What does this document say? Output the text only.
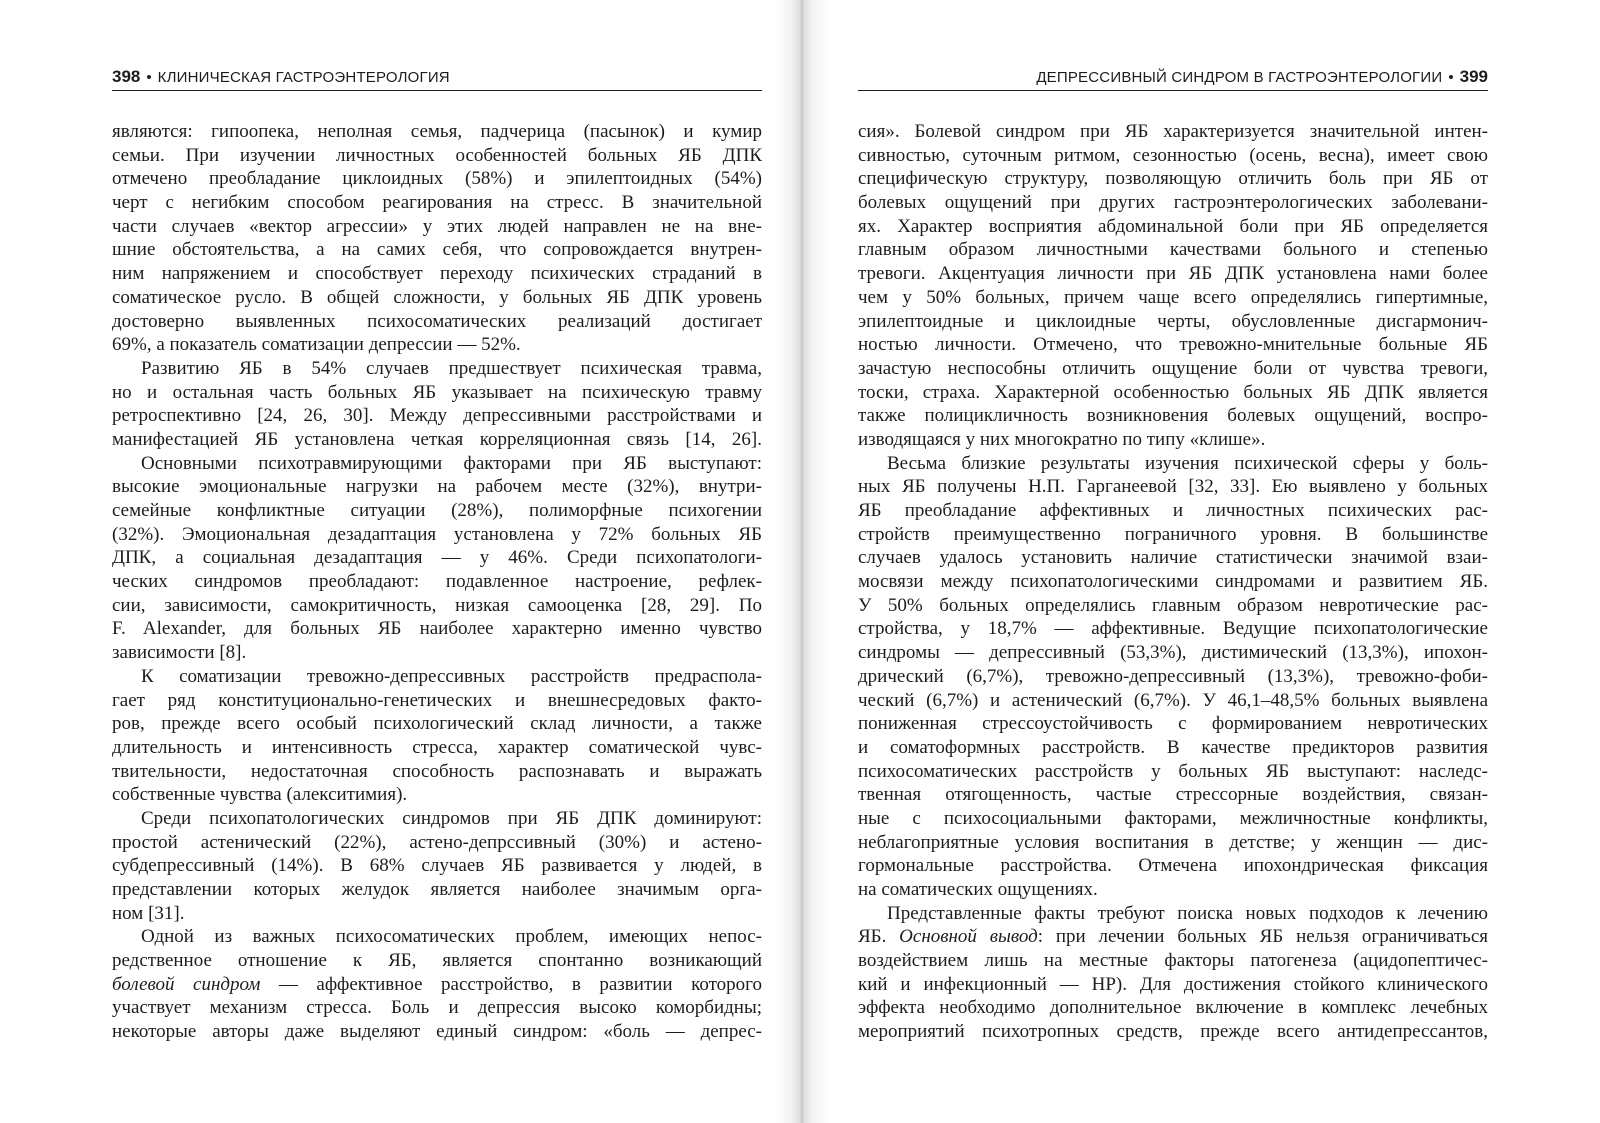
398 • КЛИНИЧЕСКАЯ ГАСТРОЭНТЕРОЛОГИЯ
являются: гипоопека, неполная семья, падчерица (пасынок) и кумир
семьи. При изучении личностных особенностей больных ЯБ ДПК
отмечено преобладание циклоидных (58%) и эпилептоидных (54%)
черт с негибким способом реагирования на стресс. В значительной
части случаев «вектор агрессии» у этих людей направлен не на вне-
шние обстоятельства, а на самих себя, что сопровождается внутрен-
ним напряжением и способствует переходу психических страданий в
соматическое русло. В общей сложности, у больных ЯБ ДПК уровень
достоверно выявленных психосоматических реализаций достигает
69%, а показатель соматизации депрессии — 52%.
Развитию ЯБ в 54% случаев предшествует психическая травма,
но и остальная часть больных ЯБ указывает на психическую травму
ретроспективно [24, 26, 30]. Между депрессивными расстройствами и
манифестацией ЯБ установлена четкая корреляционная связь [14, 26].
Основными психотравмирующими факторами при ЯБ выступают:
высокие эмоциональные нагрузки на рабочем месте (32%), внутри-
семейные конфликтные ситуации (28%), полиморфные психогении
(32%). Эмоциональная дезадаптация установлена у 72% больных ЯБ
ДПК, а социальная дезадаптация — у 46%. Среди психопатологи-
ческих синдромов преобладают: подавленное настроение, рефлек-
сии, зависимости, самокритичность, низкая самооценка [28, 29]. По
F. Alexander, для больных ЯБ наиболее характерно именно чувство
зависимости [8].
К соматизации тревожно-депрессивных расстройств предраспола-
гает ряд конституционально-генетических и внешнесредовых факто-
ров, прежде всего особый психологический склад личности, а также
длительность и интенсивность стресса, характер соматической чувс-
твительности, недостаточная способность распознавать и выражать
собственные чувства (алекситимия).
Среди психопатологических синдромов при ЯБ ДПК доминируют:
простой астенический (22%), астено-депрссивный (30%) и астено-
субдепрессивный (14%). В 68% случаев ЯБ развивается у людей, в
представлении которых желудок является наиболее значимым орга-
ном [31].
Одной из важных психосоматических проблем, имеющих непос-
редственное отношение к ЯБ, является спонтанно возникающий
болевой синдром — аффективное расстройство, в развитии которого
участвует механизм стресса. Боль и депрессия высоко коморбидны;
некоторые авторы даже выделяют единый синдром: «боль — депрес-
ДЕПРЕССИВНЫЙ СИНДРОМ В ГАСТРОЭНТЕРОЛОГИИ • 399
сия». Болевой синдром при ЯБ характеризуется значительной интен-
сивностью, суточным ритмом, сезонностью (осень, весна), имеет свою
специфическую структуру, позволяющую отличить боль при ЯБ от
болевых ощущений при других гастроэнтерологических заболевани-
ях. Характер восприятия абдоминальной боли при ЯБ определяется
главным образом личностными качествами больного и степенью
тревоги. Акцентуация личности при ЯБ ДПК установлена нами более
чем у 50% больных, причем чаще всего определялись гипертимные,
эпилептоидные и циклоидные черты, обусловленные дисгармонич-
ностью личности. Отмечено, что тревожно-мнительные больные ЯБ
зачастую неспособны отличить ощущение боли от чувства тревоги,
тоски, страха. Характерной особенностью больных ЯБ ДПК является
также полицикличность возникновения болевых ощущений, воспро-
изводящаяся у них многократно по типу «клише».
Весьма близкие результаты изучения психической сферы у боль-
ных ЯБ получены Н.П. Гарганеевой [32, 33]. Ею выявлено у больных
ЯБ преобладание аффективных и личностных психических рас-
стройств преимущественно пограничного уровня. В большинстве
случаев удалось установить наличие статистически значимой взаи-
мосвязи между психопатологическими синдромами и развитием ЯБ.
У 50% больных определялись главным образом невротические рас-
стройства, у 18,7% — аффективные. Ведущие психопатологические
синдромы — депрессивный (53,3%), дистимический (13,3%), ипохон-
дрический (6,7%), тревожно-депрессивный (13,3%), тревожно-фоби-
ческий (6,7%) и астенический (6,7%). У 46,1–48,5% больных выявлена
пониженная стрессоустойчивость с формированием невротических
и соматоформных расстройств. В качестве предикторов развития
психосоматических расстройств у больных ЯБ выступают: наследс-
твенная отягощенность, частые стрессорные воздействия, связан-
ные с психосоциальными факторами, межличностные конфликты,
неблагоприятные условия воспитания в детстве; у женщин — дис-
гормональные расстройства. Отмечена ипохондрическая фиксация
на соматических ощущениях.
Представленные факты требуют поиска новых подходов к лечению
ЯБ. Основной вывод: при лечении больных ЯБ нельзя ограничиваться
воздействием лишь на местные факторы патогенеза (ацидопептичес-
кий и инфекционный — HP). Для достижения стойкого клинического
эффекта необходимо дополнительное включение в комплекс лечебных
мероприятий психотропных средств, прежде всего антидепрессантов,
